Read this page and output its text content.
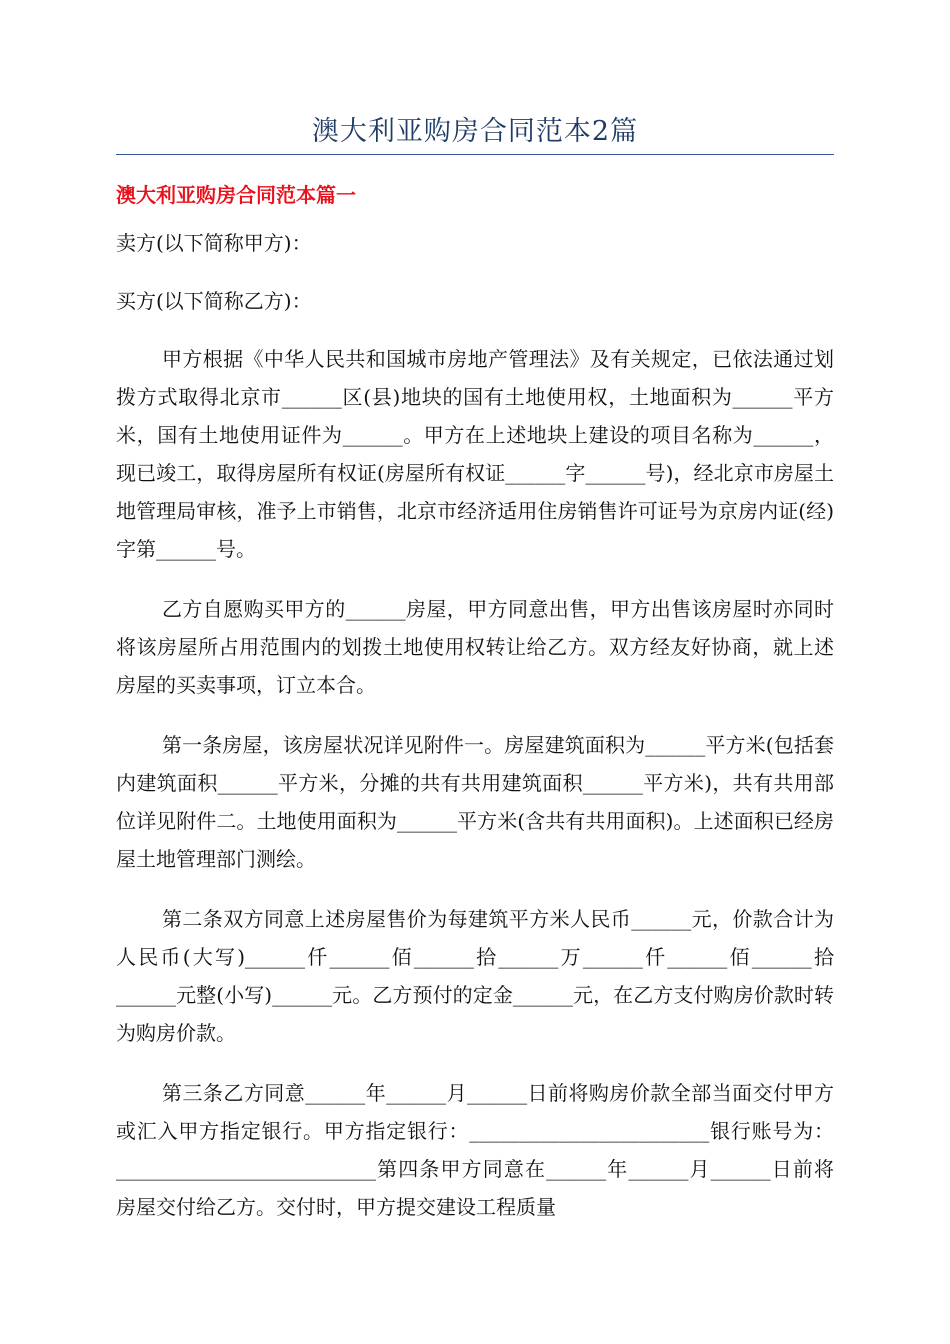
澳大利亚购房合同范本2篇
澳大利亚购房合同范本篇一

卖方(以下简称甲方)：

买方(以下简称乙方)：

甲方根据《中华人民共和国城市房地产管理法》及有关规定，已依法通过划拨方式取得北京市______区(县)地块的国有土地使用权，土地面积为______平方米，国有土地使用证件为______。甲方在上述地块上建设的项目名称为______，现已竣工，取得房屋所有权证(房屋所有权证______字______号)，经北京市房屋土地管理局审核，准予上市销售，北京市经济适用住房销售许可证号为京房内证(经)字第______号。

乙方自愿购买甲方的______房屋，甲方同意出售，甲方出售该房屋时亦同时将该房屋所占用范围内的划拨土地使用权转让给乙方。双方经友好协商，就上述房屋的买卖事项，订立本合。

第一条房屋，该房屋状况详见附件一。房屋建筑面积为______平方米(包括套内建筑面积______平方米，分摊的共有共用建筑面积______平方米)，共有共用部位详见附件二。土地使用面积为______平方米(含共有共用面积)。上述面积已经房屋土地管理部门测绘。

第二条双方同意上述房屋售价为每建筑平方米人民币______元，价款合计为人民币(大写)______仟______佰______拾______万______仟______佰______拾______元整(小写)______元。乙方预付的定金______元，在乙方支付购房价款时转为购房价款。

第三条乙方同意______年______月______日前将购房价款全部当面交付甲方或汇入甲方指定银行。甲方指定银行：________________________银行账号为：__________________________第四条甲方同意在______年______月______日前将房屋交付给乙方。交付时，甲方提交建设工程质量
